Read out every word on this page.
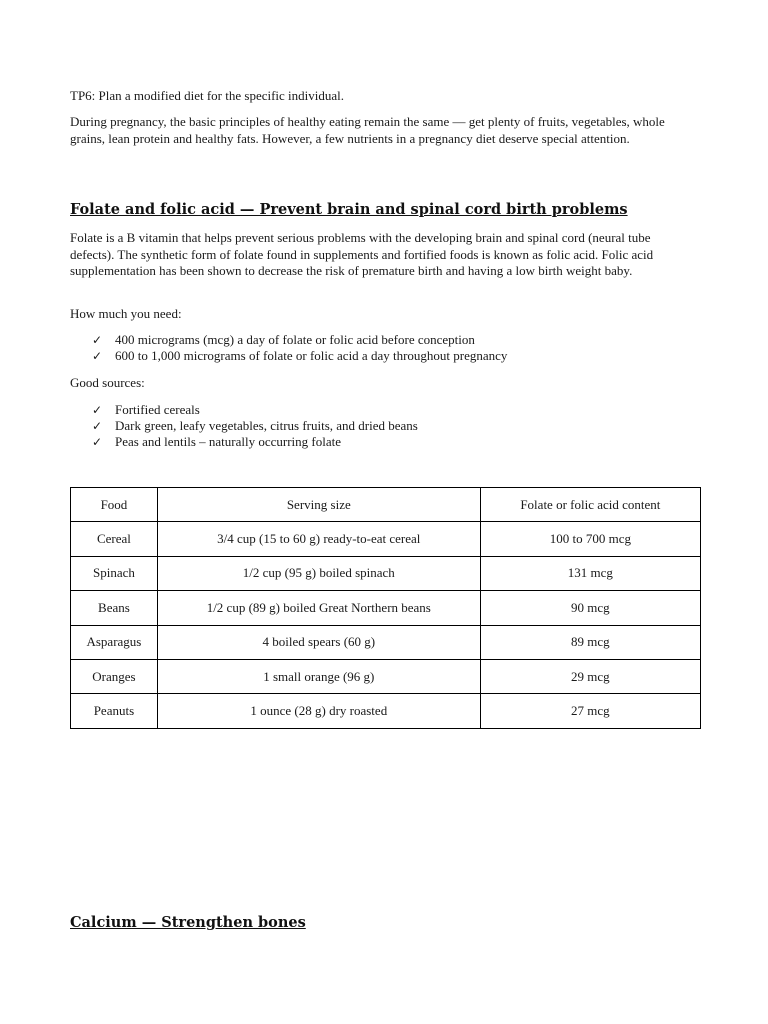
TP6: Plan a modified diet for the specific individual.

During pregnancy, the basic principles of healthy eating remain the same — get plenty of fruits, vegetables, whole grains, lean protein and healthy fats. However, a few nutrients in a pregnancy diet deserve special attention.

Folate and folic acid — Prevent brain and spinal cord birth problems

Folate is a B vitamin that helps prevent serious problems with the developing brain and spinal cord (neural tube defects). The synthetic form of folate found in supplements and fortified foods is known as folic acid. Folic acid supplementation has been shown to decrease the risk of premature birth and having a low birth weight baby.

How much you need:

✓ 400 micrograms (mcg) a day of folate or folic acid before conception
✓ 600 to 1,000 micrograms of folate or folic acid a day throughout pregnancy

Good sources:

✓ Fortified cereals
✓ Dark green, leafy vegetables, citrus fruits, and dried beans
✓ Peas and lentils – naturally occurring folate
Food	Serving size	Folate or folic acid content
Cereal	3/4 cup (15 to 60 g) ready-to-eat cereal	100 to 700 mcg
Spinach	1/2 cup (95 g) boiled spinach	131 mcg
Beans	1/2 cup (89 g) boiled Great Northern beans	90 mcg
Asparagus	4 boiled spears (60 g)	89 mcg
Oranges	1 small orange (96 g)	29 mcg
Peanuts	1 ounce (28 g) dry roasted	27 mcg
Calcium — Strengthen bones
